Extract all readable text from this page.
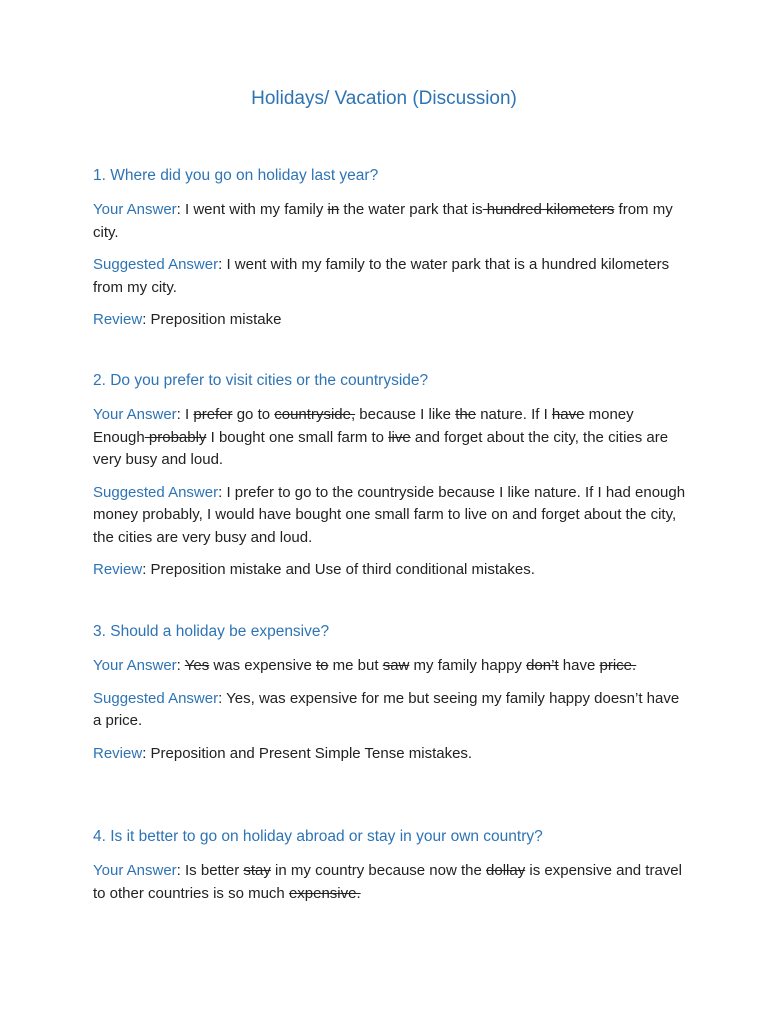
Holidays/ Vacation (Discussion)

1. Where did you go on holiday last year?

Your Answer: I went with my family in the water park that is hundred kilometers from my city.

Suggested Answer: I went with my family to the water park that is a hundred kilometers from my city.

Review: Preposition mistake

2. Do you prefer to visit cities or the countryside?

Your Answer: I prefer go to countryside, because I like the nature. If I have money Enough probably I bought one small farm to live and forget about the city, the cities are very busy and loud.

Suggested Answer: I prefer to go to the countryside because I like nature. If I had enough money probably, I would have bought one small farm to live on and forget about the city, the cities are very busy and loud.

Review: Preposition mistake and Use of third conditional mistakes.

3. Should a holiday be expensive?

Your Answer: Yes was expensive to me but saw my family happy don’t have price.

Suggested Answer: Yes, was expensive for me but seeing my family happy doesn’t have a price.

Review: Preposition and Present Simple Tense mistakes.

4. Is it better to go on holiday abroad or stay in your own country?

Your Answer: Is better stay in my country because now the dollay is expensive and travel to other countries is so much expensive.
